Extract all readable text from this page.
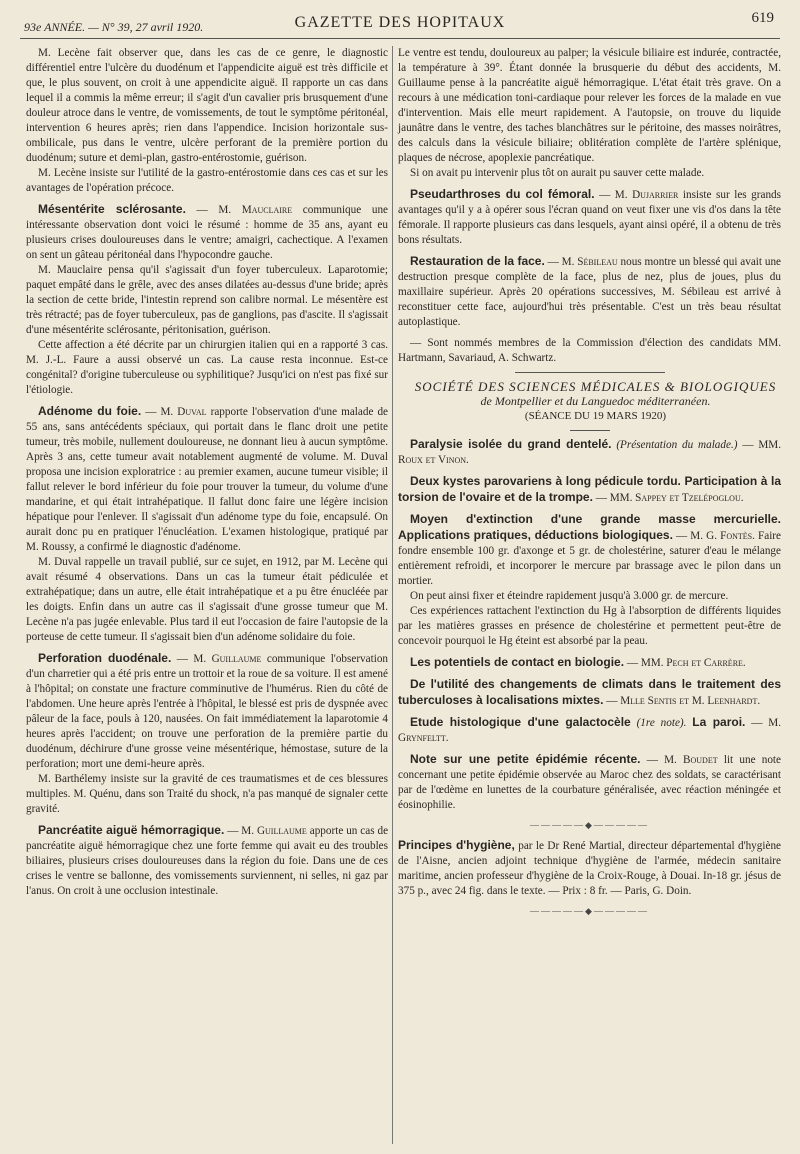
93e ANNÉE. — N° 39, 27 avril 1920.	GAZETTE DES HOPITAUX	619

M. Lecène fait observer que, dans les cas de ce genre, le diagnostic différentiel entre l'ulcère du duodénum et l'appendicite aiguë est très difficile et que, le plus souvent, on croit à une appendicite aiguë. Il rapporte un cas dans lequel il a commis la même erreur; il s'agit d'un cavalier pris brusquement d'une douleur atroce dans le ventre, de vomissements, de tout le symptôme péritonéal, intervention 6 heures après; rien dans l'appendice. Incision horizontale sus-ombilicale, pus dans le ventre, ulcère perforant de la première portion du duodénum; suture et demi-plan, gastro-entérostomie, guérison.

M. Lecène insiste sur l'utilité de la gastro-entérostomie dans ces cas et sur les avantages de l'opération précoce.

Mésentérite sclérosante. — M. Mauclaire communique une intéressante observation dont voici le résumé : homme de 35 ans, ayant eu plusieurs crises douloureuses dans le ventre; amaigri, cachectique. A l'examen on sent un gâteau péritonéal dans l'hypocondre gauche.

M. Mauclaire pensa qu'il s'agissait d'un foyer tuberculeux. Laparotomie; paquet empâté dans le grêle, avec des anses dilatées au-dessus d'une bride; après la section de cette bride, l'intestin reprend son calibre normal. Le mésentère est très rétracté; pas de foyer tuberculeux, pas de ganglions, pas d'ascite. Il s'agissait d'une mésentérite sclérosante, péritonisation, guérison.

Cette affection a été décrite par un chirurgien italien qui en a rapporté 3 cas. M. J.-L. Faure a aussi observé un cas. La cause resta inconnue. Est-ce congénital? d'origine tuberculeuse ou syphilitique? Jusqu'ici on n'est pas fixé sur l'étiologie.

Adénome du foie. — M. Duval rapporte l'observation d'une malade de 55 ans, sans antécédents spéciaux, qui portait dans le flanc droit une petite tumeur, très mobile, nullement douloureuse, ne donnant lieu à aucun symptôme. Après 3 ans, cette tumeur avait notablement augmenté de volume. M. Duval proposa une incision exploratrice : au premier examen, aucune tumeur visible; il fallut relever le bord inférieur du foie pour trouver la tumeur, du volume d'une mandarine, et qui était intrahépatique. Il fallut donc faire une légère incision hépatique pour l'enlever. Il s'agissait d'un adénome type du foie, encapsulé. On aurait donc pu en pratiquer l'énucléation. L'examen histologique, pratiqué par M. Roussy, a confirmé le diagnostic d'adénome.

M. Duval rappelle un travail publié, sur ce sujet, en 1912, par M. Lecène qui avait résumé 4 observations. Dans un cas la tumeur était pédiculée et extrahépatique; dans un autre, elle était intrahépatique et a pu être énucléée par les doigts. Enfin dans un autre cas il s'agissait d'une grosse tumeur que M. Lecène n'a pas jugée enlevable. Plus tard il eut l'occasion de faire l'autopsie de la porteuse de cette tumeur. Il s'agissait bien d'un adénome solidaire du foie.

Perforation duodénale. — M. Guillaume communique l'observation d'un charretier qui a été pris entre un trottoir et la roue de sa voiture. Il est amené à l'hôpital; on constate une fracture comminutive de l'humérus. Rien du côté de l'abdomen. Une heure après l'entrée à l'hôpital, le blessé est pris de dyspnée avec pâleur de la face, pouls à 120, nausées. On fait immédiatement la laparotomie 4 heures après l'accident; on trouve une perforation de la première partie du duodénum, déchirure d'une grosse veine mésentérique, hémostase, suture de la perforation; mort une demi-heure après.

M. Barthélemy insiste sur la gravité de ces traumatismes et de ces blessures multiples. M. Quénu, dans son Traité du shock, n'a pas manqué de signaler cette gravité.

Pancréatite aiguë hémorragique. — M. Guillaume apporte un cas de pancréatite aiguë hémorragique chez une forte femme qui avait eu des troubles biliaires, plusieurs crises douloureuses dans la région du foie. Dans une de ces crises le ventre se ballonne, des vomissements surviennent, ni selles, ni gaz par l'anus. On croit à une occlusion intestinale.

Le ventre est tendu, douloureux au palper; la vésicule biliaire est indurée, contractée, la température à 39°. Étant donnée la brusquerie du début des accidents, M. Guillaume pense à la pancréatite aiguë hémorragique. L'état était très grave. On a recours à une médication toni-cardiaque pour relever les forces de la malade en vue d'intervention. Mais elle meurt rapidement. A l'autopsie, on trouve du liquide jaunâtre dans le ventre, des taches blanchâtres sur le péritoine, des masses noirâtres, des calculs dans la vésicule biliaire; oblitération complète de l'artère splénique, plaques de nécrose, apoplexie pancréatique.

Si on avait pu intervenir plus tôt on aurait pu sauver cette malade.

Pseudarthroses du col fémoral. — M. Dujarrier insiste sur les grands avantages qu'il y a à opérer sous l'écran quand on veut fixer une vis d'os dans la tête fémorale. Il rapporte plusieurs cas dans lesquels, ayant ainsi opéré, il a obtenu de très bons résultats.

Restauration de la face. — M. Sébileau nous montre un blessé qui avait une destruction presque complète de la face, plus de nez, plus de joues, plus du maxillaire supérieur. Après 20 opérations successives, M. Sébileau est arrivé à reconstituer cette face, aujourd'hui très présentable. C'est un très beau résultat autoplastique.

— Sont nommés membres de la Commission d'élection des candidats MM. Hartmann, Savariaud, A. Schwartz.

SOCIÉTÉ DES SCIENCES MÉDICALES & BIOLOGIQUES

de Montpellier et du Languedoc méditerranéen.

(SÉANCE DU 19 MARS 1920)

Paralysie isolée du grand dentelé. (Présentation du malade.) — MM. Roux et Vinon.

Deux kystes parovariens à long pédicule tordu. Participation à la torsion de l'ovaire et de la trompe. — MM. Sappey et Tzelépoglou.

Moyen d'extinction d'une grande masse mercurielle. Applications pratiques, déductions biologiques. — M. G. Fontès. Faire fondre ensemble 100 gr. d'axonge et 5 gr. de cholestérine, saturer d'eau le mélange entièrement refroidi, et incorporer le mercure par brassage avec le pilon dans un mortier.

On peut ainsi fixer et éteindre rapidement jusqu'à 3.000 gr. de mercure.

Ces expériences rattachent l'extinction du Hg à l'absorption de différents liquides par les matières grasses en présence de cholestérine et permettent peut-être de concevoir pourquoi le Hg éteint est absorbé par la peau.

Les potentiels de contact en biologie. — MM. Pech et Carrère.

De l'utilité des changements de climats dans le traitement des tuberculoses à localisations mixtes. — Mlle Sentis et M. Leenhardt.

Etude histologique d'une galactocèle (1re note). La paroi. — M. Grynfeltt.

Note sur une petite épidémie récente. — M. Boudet lit une note concernant une petite épidémie observée au Maroc chez des soldats, se caractérisant par de l'œdème en lunettes de la courbature généralisée, avec réaction méningée et éosinophilie.

—————◆—————

Principes d'hygiène, par le Dr René Martial, directeur départemental d'hygiène de l'Aisne, ancien adjoint technique d'hygiène de l'armée, médecin sanitaire maritime, ancien professeur d'hygiène de la Croix-Rouge, à Douai. In-18 gr. jésus de 375 p., avec 24 fig. dans le texte. — Prix : 8 fr. — Paris, G. Doin.

—————◆—————
